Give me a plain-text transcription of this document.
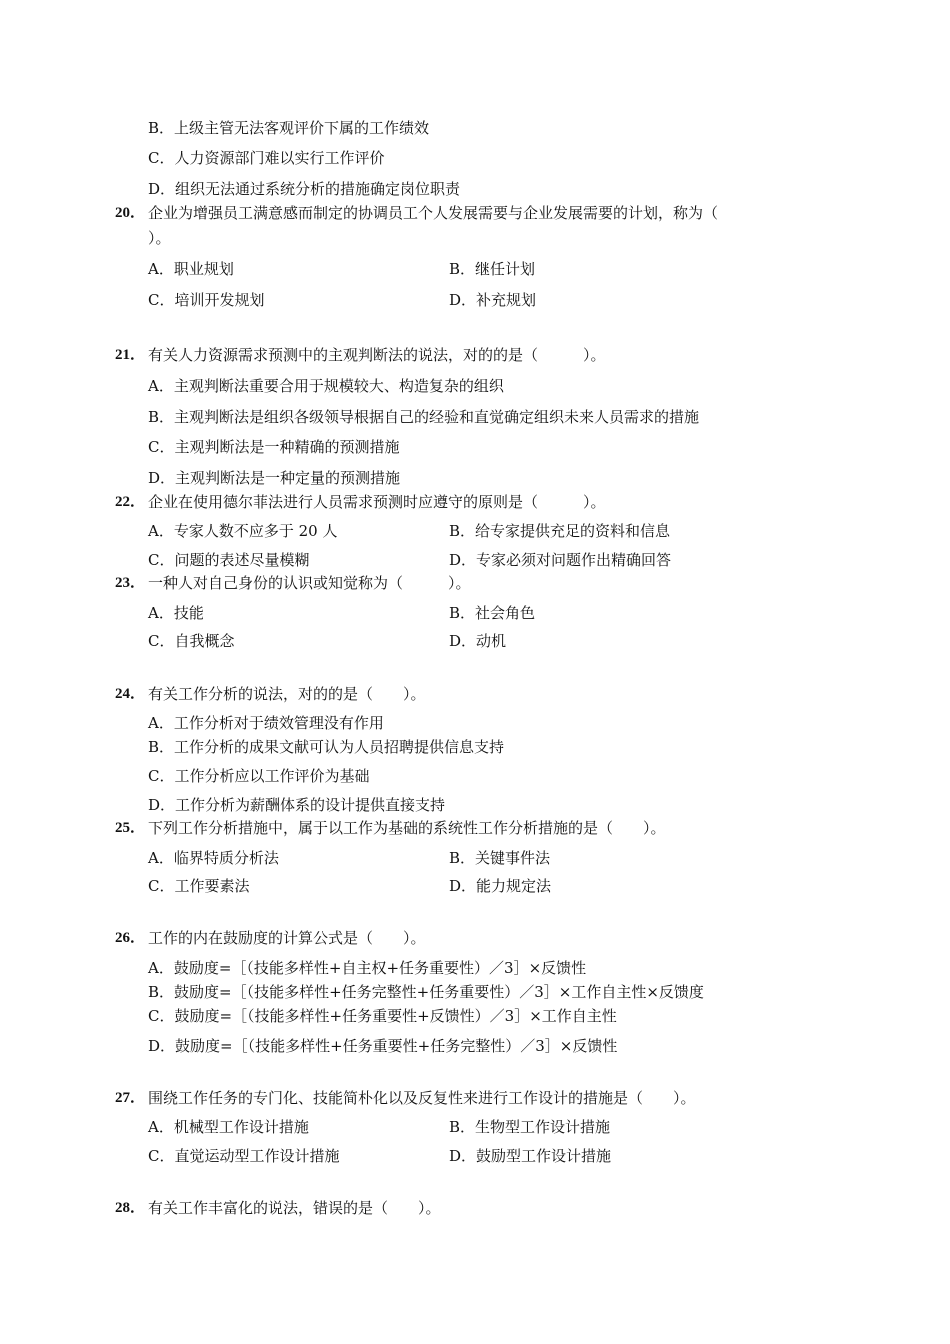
B．上级主管无法客观评价下属的工作绩效
C．人力资源部门难以实行工作评价
D．组织无法通过系统分析的措施确定岗位职责
20． 企业为增强员工满意感而制定的协调员工个人发展需要与企业发展需要的计划，称为（
）。
A．职业规划	B．继任计划
C．培训开发规划	D．补充规划
21． 有关人力资源需求预测中的主观判断法的说法，对的的是（　　　）。
A．主观判断法重要合用于规模较大、构造复杂的组织
B．主观判断法是组织各级领导根据自己的经验和直觉确定组织未来人员需求的措施
C．主观判断法是一种精确的预测措施
D．主观判断法是一种定量的预测措施
22． 企业在使用德尔菲法进行人员需求预测时应遵守的原则是（　　　）。
A．专家人数不应多于 20 人	B．给专家提供充足的资料和信息
C．问题的表述尽量模糊	D．专家必须对问题作出精确回答
23． 一种人对自己身份的认识或知觉称为（　　　）。
A．技能	B．社会角色
C．自我概念	D．动机
24． 有关工作分析的说法，对的的是（　　）。
A．工作分析对于绩效管理没有作用
B．工作分析的成果文献可认为人员招聘提供信息支持
C．工作分析应以工作评价为基础
D．工作分析为薪酬体系的设计提供直接支持
25． 下列工作分析措施中，属于以工作为基础的系统性工作分析措施的是（　　）。
A．临界特质分析法	B．关键事件法
C．工作要素法	D．能力规定法
26． 工作的内在鼓励度的计算公式是（　　）。
A．鼓励度=［（技能多样性+自主权+任务重要性）／3］×反馈性
B．鼓励度=［（技能多样性+任务完整性+任务重要性）／3］×工作自主性×反馈度
C．鼓励度=［（技能多样性+任务重要性+反馈性）／3］×工作自主性
D．鼓励度=［（技能多样性+任务重要性+任务完整性）／3］×反馈性
27． 围绕工作任务的专门化、技能简朴化以及反复性来进行工作设计的措施是（　　）。
A．机械型工作设计措施	B．生物型工作设计措施
C．直觉运动型工作设计措施	D．鼓励型工作设计措施
28． 有关工作丰富化的说法，错误的是（　　）。
